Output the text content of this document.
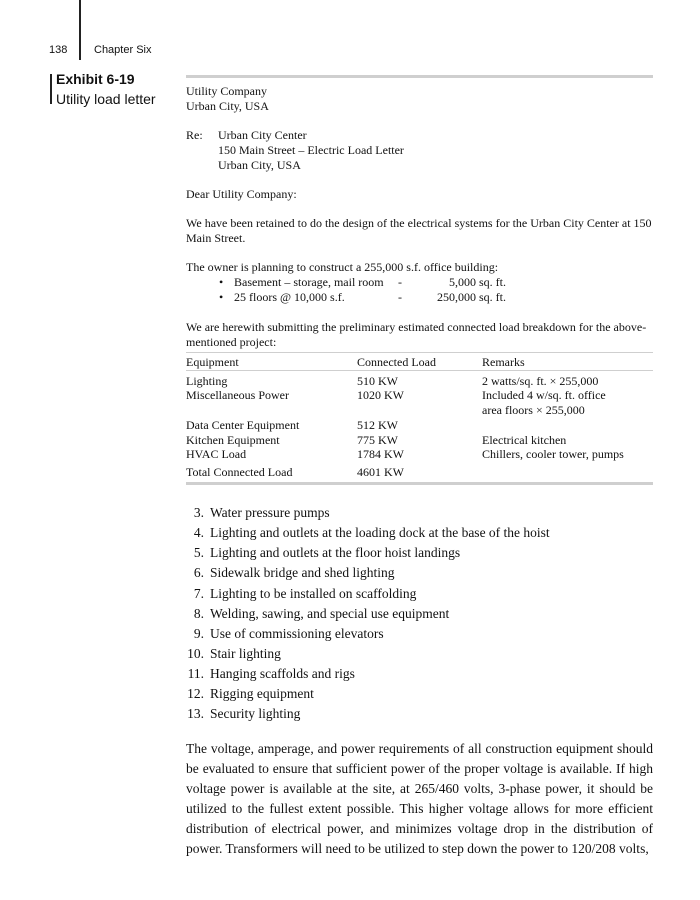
138 Chapter Six
Exhibit 6-19
Utility load letter	Utility Company
Urban City, USA
Re: Urban City Center
150 Main Street – Electric Load Letter
Urban City, USA
Dear Utility Company:
We have been retained to do the design of the electrical systems for the Urban City Center at 150
Main Street.
The owner is planning to construct a 255,000 s.f. office building:
• Basement – storage, mail room -	5,000 sq. ft.
• 25 floors @ 10,000 s.f.	-	250,000 sq. ft.
We are herewith submitting the preliminary estimated connected load breakdown for the above-
mentioned project:
Equipment	Connected Load	Remarks
Lighting	510 KW	2 watts/sq. ft. × 255,000
Miscellaneous Power	1020 KW	Included 4 w/sq. ft. office
area floors × 255,000
Data Center Equipment	512 KW
Kitchen Equipment	775 KW	Electrical kitchen
HVAC Load	1784 KW	Chillers, cooler tower, pumps
Total Connected Load	4601 KW
3. Water pressure pumps
4. Lighting and outlets at the loading dock at the base of the hoist
5. Lighting and outlets at the floor hoist landings
6. Sidewalk bridge and shed lighting
7. Lighting to be installed on scaffolding
8. Welding, sawing, and special use equipment
9. Use of commissioning elevators
10. Stair lighting
11. Hanging scaffolds and rigs
12. Rigging equipment
13. Security lighting
The voltage, amperage, and power requirements of all construction equipment should be evaluated to ensure that sufficient power of the proper voltage is available. If high voltage power is available at the site, at 265/460 volts, 3-phase power, it should be utilized to the fullest extent possible. This higher voltage allows for more efficient distribution of electrical power, and minimizes voltage drop in the distribution of power. Transformers will need to be utilized to step down the power to 120/208 volts,
